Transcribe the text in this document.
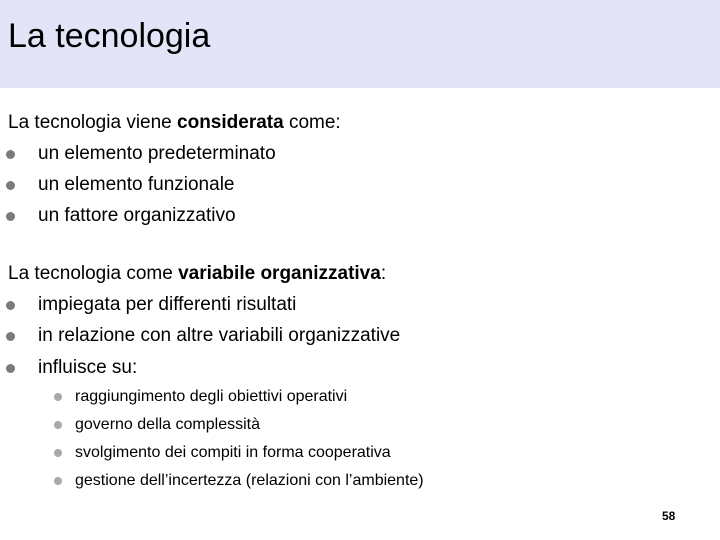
La tecnologia
La tecnologia viene considerata come:
un elemento predeterminato
un elemento funzionale
un fattore organizzativo
La tecnologia come variabile organizzativa:
impiegata per differenti risultati
in relazione con altre variabili organizzative
influisce su:
raggiungimento degli obiettivi operativi
governo della complessità
svolgimento dei compiti in forma cooperativa
gestione dell’incertezza (relazioni con l’ambiente)
58
